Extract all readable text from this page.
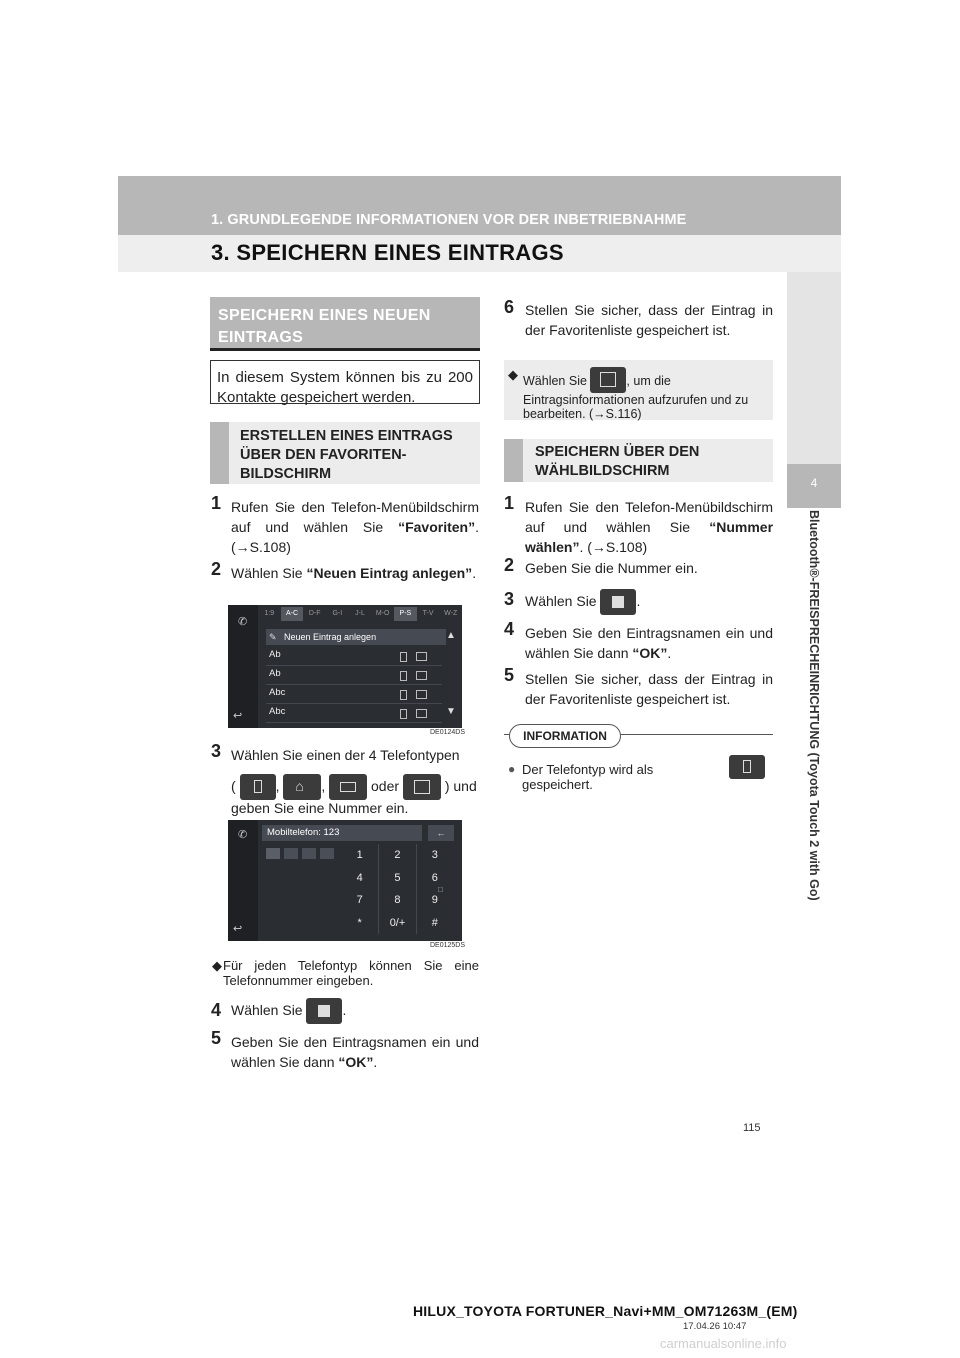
1. GRUNDLEGENDE INFORMATIONEN VOR DER INBETRIEBNAHME
3. SPEICHERN EINES EINTRAGS
4
Bluetooth®-FREISPRECHEINRICHTUNG (Toyota Touch 2 with Go)
SPEICHERN EINES NEUEN EINTRAGS
In diesem System können bis zu 200 Kontakte gespeichert werden.
ERSTELLEN EINES EINTRAGS ÜBER DEN FAVORITEN-BILDSCHIRM
1 Rufen Sie den Telefon-Menübildschirm auf und wählen Sie “Favoriten”. (→S.108)
2 Wählen Sie “Neuen Eintrag anlegen”.
✆
↩
1:9	A-C	D-F	G-I	J-L	M-O	P-S	T-V	W-Z
Neuen Eintrag anlegen
✎
Ab
Ab
Abc
Abc
▲
▼
DE0124DS
3 Wählen Sie einen der 4 Telefontypen
(	, ⌂ ,	oder	) und
geben Sie eine Nummer ein.
✆
↩
Mobiltelefon: 123	←
1	2	3
4	5	6
7	8	9
*	0/+	#
□
DE0125DS
◆ Für jeden Telefontyp können Sie eine Telefonnummer eingeben.
4 Wählen Sie	.
5 Geben Sie den Eintragsnamen ein und wählen Sie dann “OK”.
6 Stellen Sie sicher, dass der Eintrag in der Favoritenliste gespeichert ist.
◆ Wählen Sie	, um die Eintragsinformationen aufzurufen und zu bearbeiten. (→S.116)
SPEICHERN ÜBER DEN WÄHLBILDSCHIRM
1 Rufen Sie den Telefon-Menübildschirm auf und wählen Sie “Nummer wählen”. (→S.108)
2 Geben Sie die Nummer ein.
3 Wählen Sie	.
4 Geben Sie den Eintragsnamen ein und wählen Sie dann “OK”.
5 Stellen Sie sicher, dass der Eintrag in der Favoritenliste gespeichert ist.
INFORMATION
● Der Telefontyp wird als gespeichert.
115
HILUX_TOYOTA FORTUNER_Navi+MM_OM71263M_(EM)
17.04.26 10:47
carmanualsonline.info
